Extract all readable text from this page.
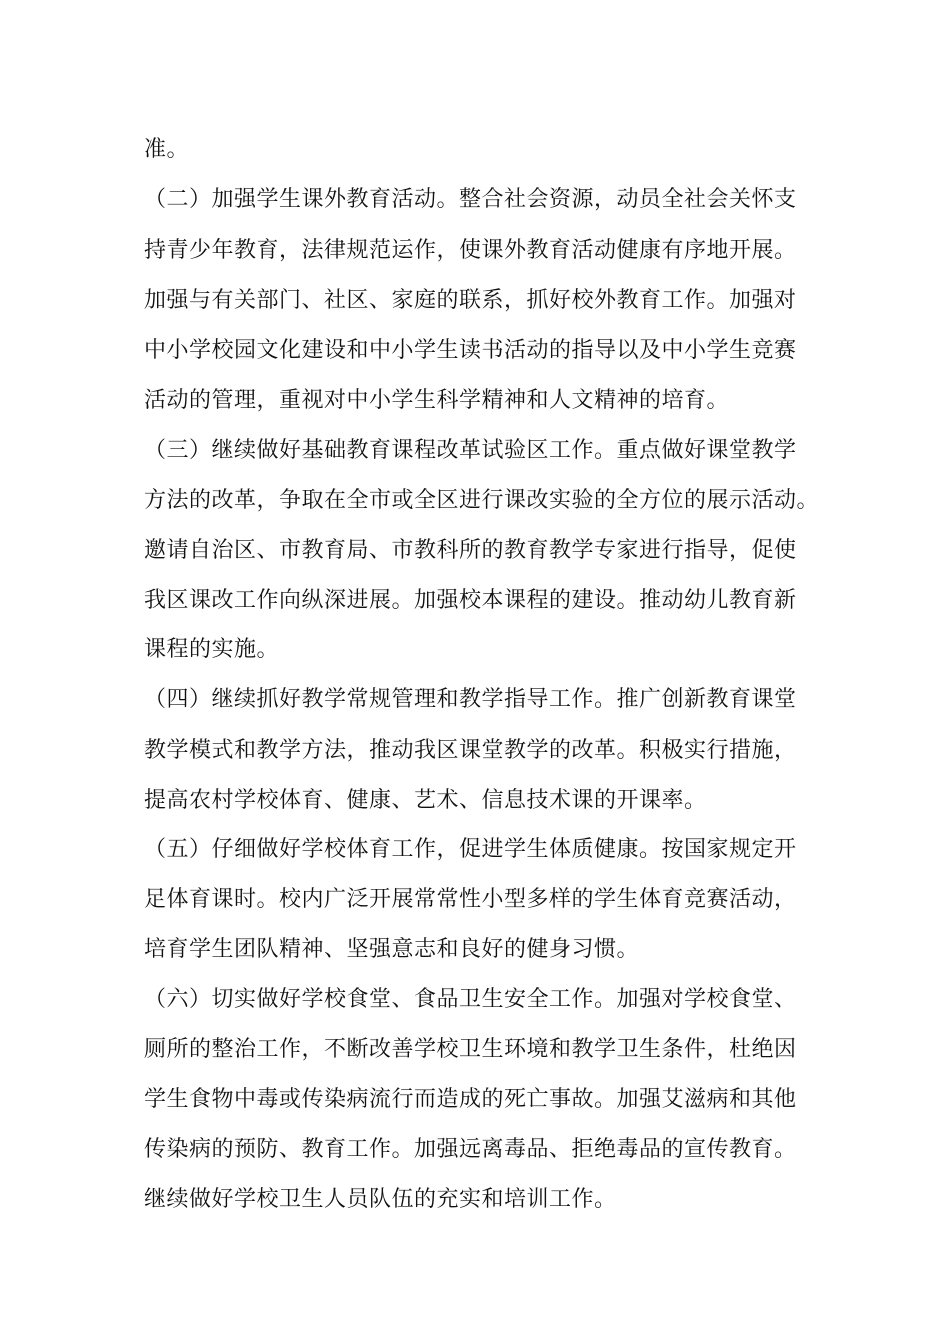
准。
（二）加强学生课外教育活动。整合社会资源，动员全社会关怀支
持青少年教育，法律规范运作，使课外教育活动健康有序地开展。
加强与有关部门、社区、家庭的联系，抓好校外教育工作。加强对
中小学校园文化建设和中小学生读书活动的指导以及中小学生竞赛
活动的管理，重视对中小学生科学精神和人文精神的培育。
（三）继续做好基础教育课程改革试验区工作。重点做好课堂教学
方法的改革，争取在全市或全区进行课改实验的全方位的展示活动。
邀请自治区、市教育局、市教科所的教育教学专家进行指导，促使
我区课改工作向纵深进展。加强校本课程的建设。推动幼儿教育新
课程的实施。
（四）继续抓好教学常规管理和教学指导工作。推广创新教育课堂
教学模式和教学方法，推动我区课堂教学的改革。积极实行措施，
提高农村学校体育、健康、艺术、信息技术课的开课率。
（五）仔细做好学校体育工作，促进学生体质健康。按国家规定开
足体育课时。校内广泛开展常常性小型多样的学生体育竞赛活动，
培育学生团队精神、坚强意志和良好的健身习惯。
（六）切实做好学校食堂、食品卫生安全工作。加强对学校食堂、
厕所的整治工作，不断改善学校卫生环境和教学卫生条件，杜绝因
学生食物中毒或传染病流行而造成的死亡事故。加强艾滋病和其他
传染病的预防、教育工作。加强远离毒品、拒绝毒品的宣传教育。
继续做好学校卫生人员队伍的充实和培训工作。
